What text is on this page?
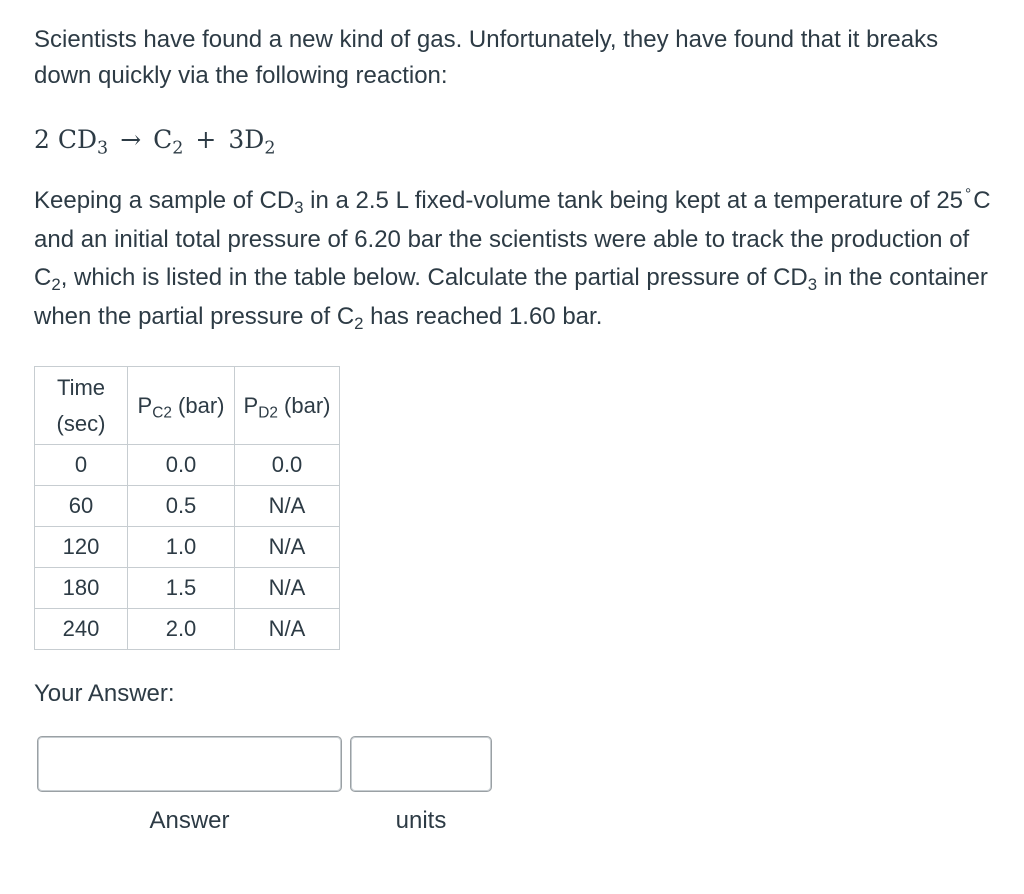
Scientists have found a new kind of gas. Unfortunately, they have found that it breaks down quickly via the following reaction:

2 $CD_3 \to C_2 + 3D_2$

Keeping a sample of $CD_3$ in a 2.5 L fixed-volume tank being kept at a temperature of 25 °C and an initial total pressure of 6.20 bar the scientists were able to track the production of $C_2$, which is listed in the table below. Calculate the partial pressure of $CD_3$ in the container when the partial pressure of $C_2$ has reached 1.60 bar.

Time (sec)	$P_{C2}$ (bar)	$P_{D2}$ (bar)
0	0.0	0.0
60	0.5	N/A
120	1.0	N/A
180	1.5	N/A
240	2.0	N/A
Your Answer:
Answer	units
